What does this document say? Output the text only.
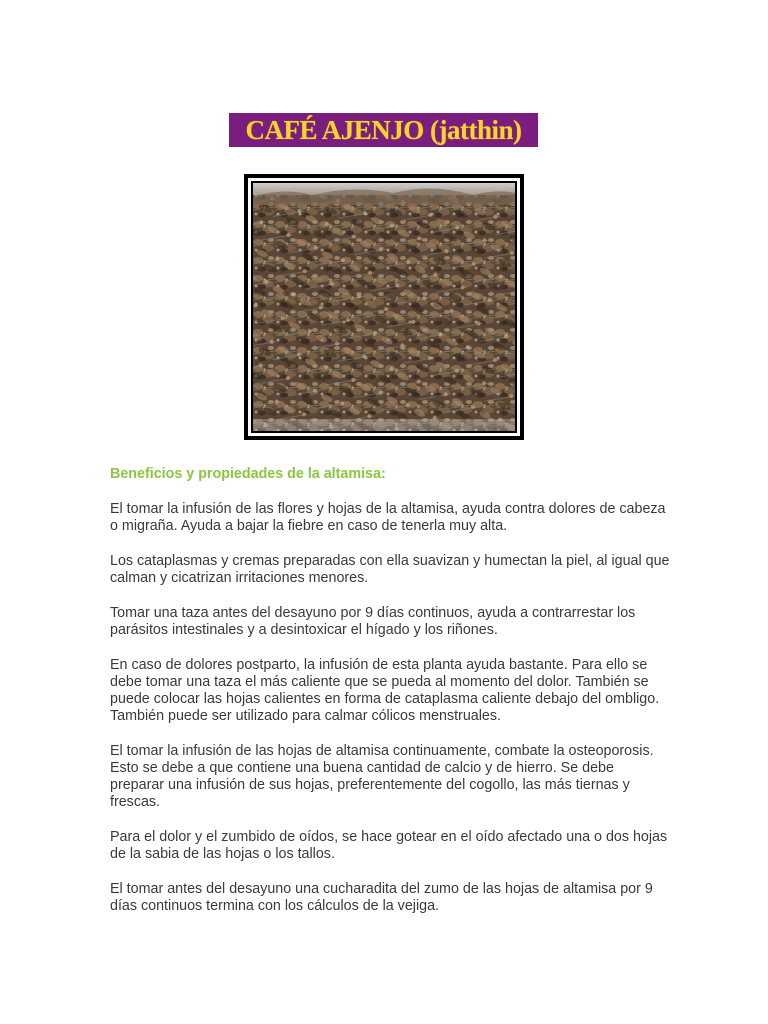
CAFÉ AJENJO (jatthin)

Beneficios y propiedades de la altamisa:

El tomar la infusión de las flores y hojas de la altamisa, ayuda contra dolores de cabeza o migraña. Ayuda a bajar la fiebre en caso de tenerla muy alta.

Los cataplasmas y cremas preparadas con ella suavizan y humectan la piel, al igual que calman y cicatrizan irritaciones menores.

Tomar una taza antes del desayuno por 9 días continuos, ayuda a contrarrestar los parásitos intestinales y a desintoxicar el hígado y los riñones.

En caso de dolores postparto, la infusión de esta planta ayuda bastante. Para ello se debe tomar una taza el más caliente que se pueda al momento del dolor. También se puede colocar las hojas calientes en forma de cataplasma caliente debajo del ombligo. También puede ser utilizado para calmar cólicos menstruales.

El tomar la infusión de las hojas de altamisa continuamente, combate la osteoporosis. Esto se debe a que contiene una buena cantidad de calcio y de hierro. Se debe preparar una infusión de sus hojas, preferentemente del cogollo, las más tiernas y frescas.

Para el dolor y el zumbido de oídos, se hace gotear en el oído afectado una o dos hojas de la sabia de las hojas o los tallos.

El tomar antes del desayuno una cucharadita del zumo de las hojas de altamisa por 9 días continuos termina con los cálculos de la vejiga.
